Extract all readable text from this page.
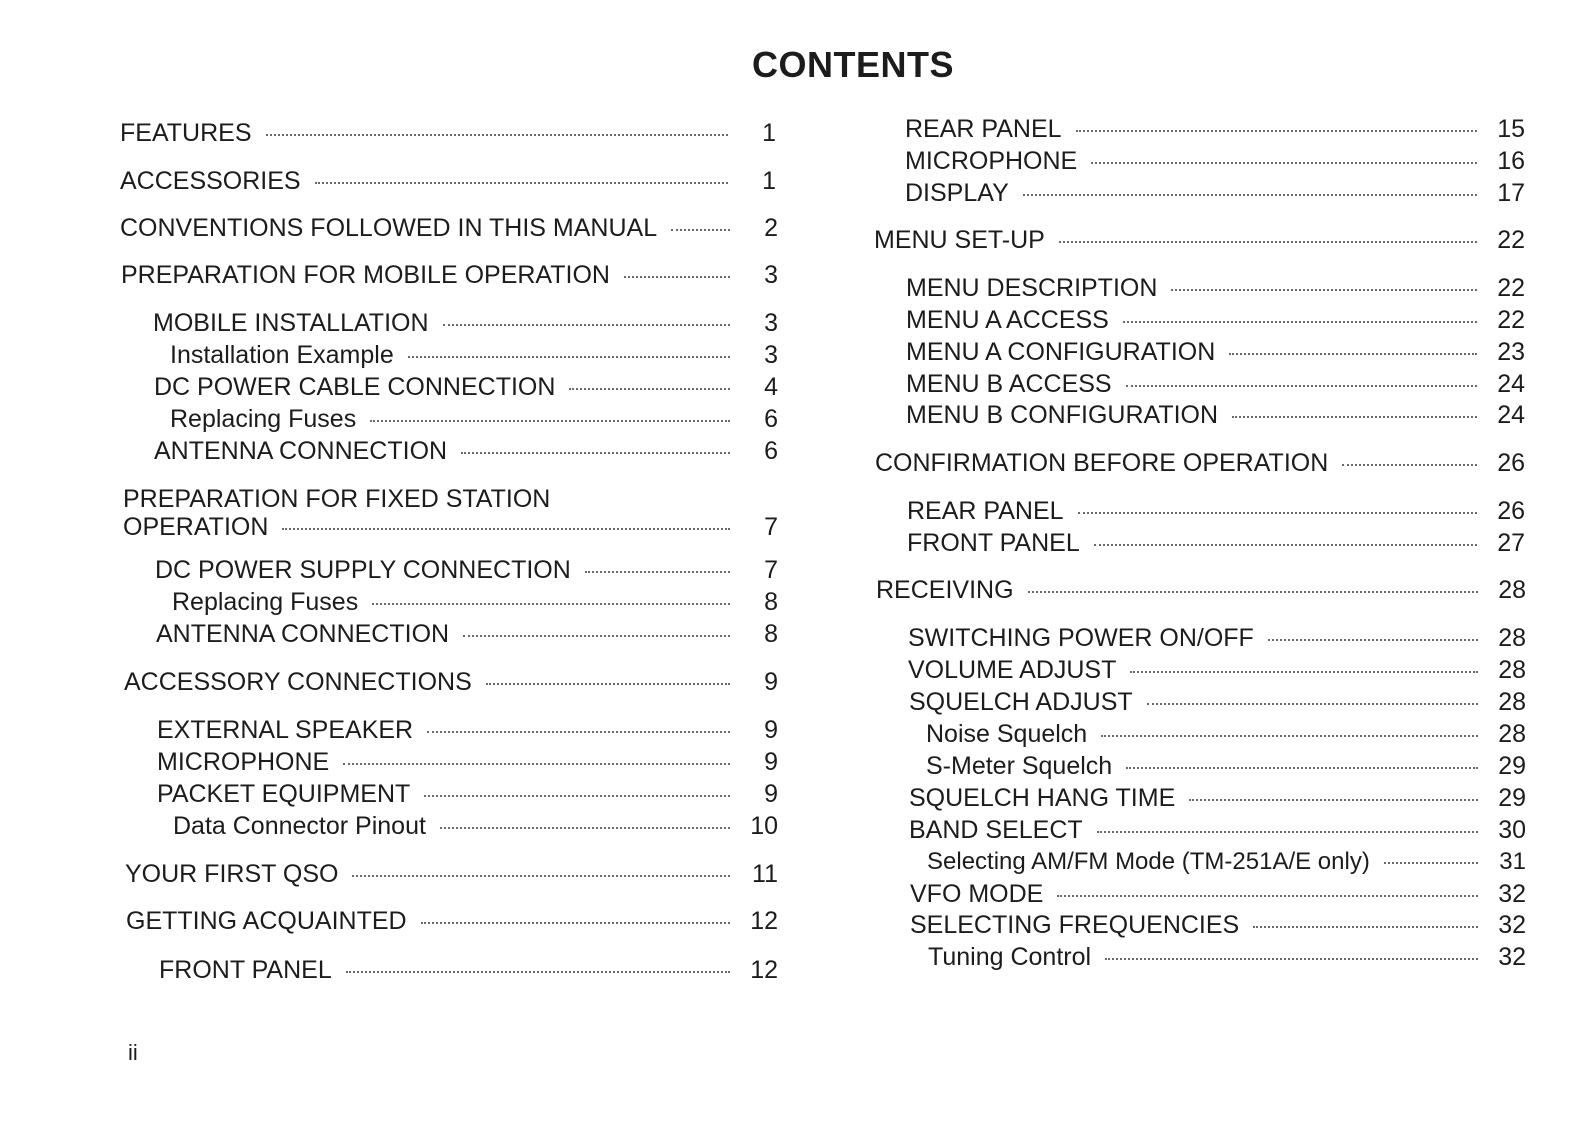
CONTENTS
FEATURES	1
ACCESSORIES	1
CONVENTIONS FOLLOWED IN THIS MANUAL	2
PREPARATION FOR MOBILE OPERATION	3
MOBILE INSTALLATION	3
Installation Example	3
DC POWER CABLE CONNECTION	4
Replacing Fuses	6
ANTENNA CONNECTION	6
PREPARATION FOR FIXED STATION
OPERATION	7
DC POWER SUPPLY CONNECTION	7
Replacing Fuses	8
ANTENNA CONNECTION	8
ACCESSORY CONNECTIONS	9
EXTERNAL SPEAKER	9
MICROPHONE	9
PACKET EQUIPMENT	9
Data Connector Pinout	10
YOUR FIRST QSO	11
GETTING ACQUAINTED	12
FRONT PANEL	12
REAR PANEL	15
MICROPHONE	16
DISPLAY	17
MENU SET-UP	22
MENU DESCRIPTION	22
MENU A ACCESS	22
MENU A CONFIGURATION	23
MENU B ACCESS	24
MENU B CONFIGURATION	24
CONFIRMATION BEFORE OPERATION	26
REAR PANEL	26
FRONT PANEL	27
RECEIVING	28
SWITCHING POWER ON/OFF	28
VOLUME ADJUST	28
SQUELCH ADJUST	28
Noise Squelch	28
S-Meter Squelch	29
SQUELCH HANG TIME	29
BAND SELECT	30
Selecting AM/FM Mode (TM-251A/E only)	31
VFO MODE	32
SELECTING FREQUENCIES	32
Tuning Control	32
ii
